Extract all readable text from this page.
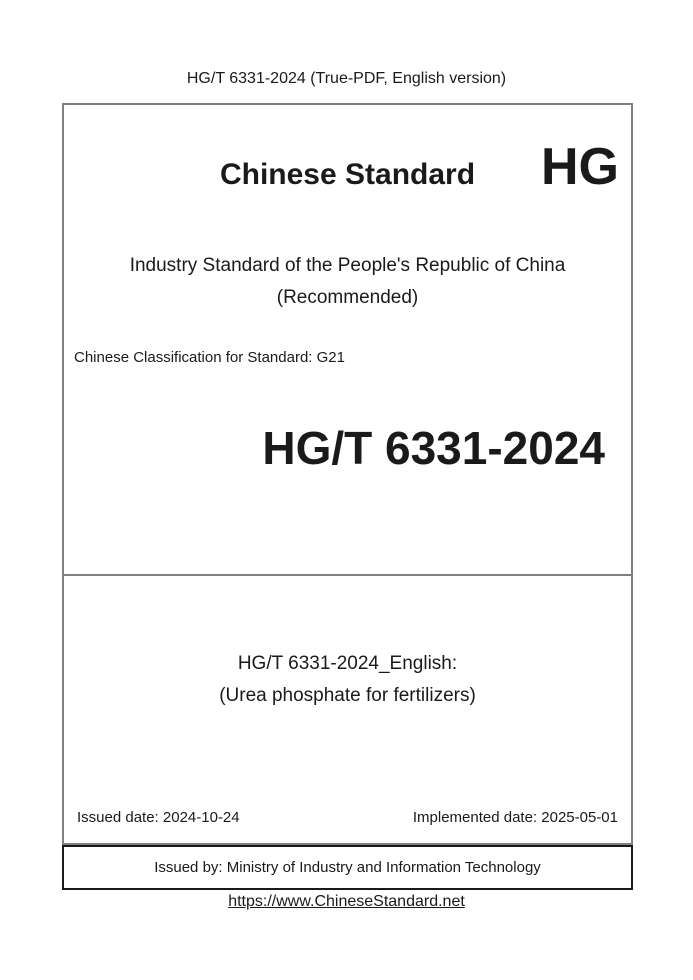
HG/T 6331-2024 (True-PDF, English version)
Chinese Standard	HG
Industry Standard of the People's Republic of China
(Recommended)
Chinese Classification for Standard: G21
HG/T 6331-2024
HG/T 6331-2024_English:
(Urea phosphate for fertilizers)
Issued date: 2024-10-24	Implemented date: 2025-05-01
Issued by: Ministry of Industry and Information Technology
https://www.ChineseStandard.net
